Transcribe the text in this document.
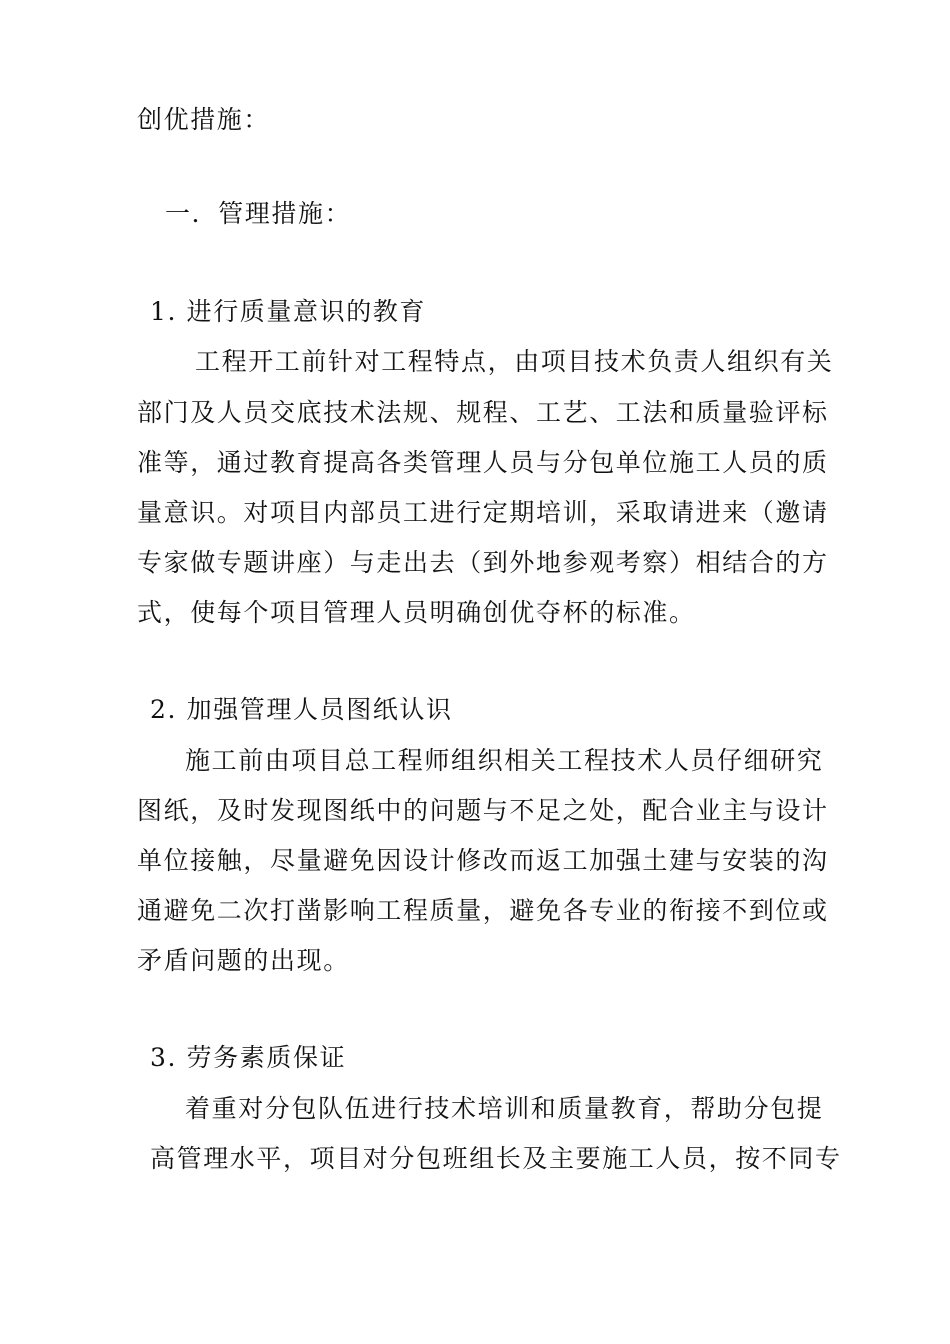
创优措施：
一．管理措施：
1. 进行质量意识的教育
工程开工前针对工程特点，由项目技术负责人组织有关
部门及人员交底技术法规、规程、工艺、工法和质量验评标
准等，通过教育提高各类管理人员与分包单位施工人员的质
量意识。对项目内部员工进行定期培训，采取请进来（邀请
专家做专题讲座）与走出去（到外地参观考察）相结合的方
式，使每个项目管理人员明确创优夺杯的标准。
2. 加强管理人员图纸认识
施工前由项目总工程师组织相关工程技术人员仔细研究
图纸，及时发现图纸中的问题与不足之处，配合业主与设计
单位接触，尽量避免因设计修改而返工加强土建与安装的沟
通避免二次打凿影响工程质量，避免各专业的衔接不到位或
矛盾问题的出现。
3. 劳务素质保证
着重对分包队伍进行技术培训和质量教育，帮助分包提
高管理水平，项目对分包班组长及主要施工人员，按不同专
